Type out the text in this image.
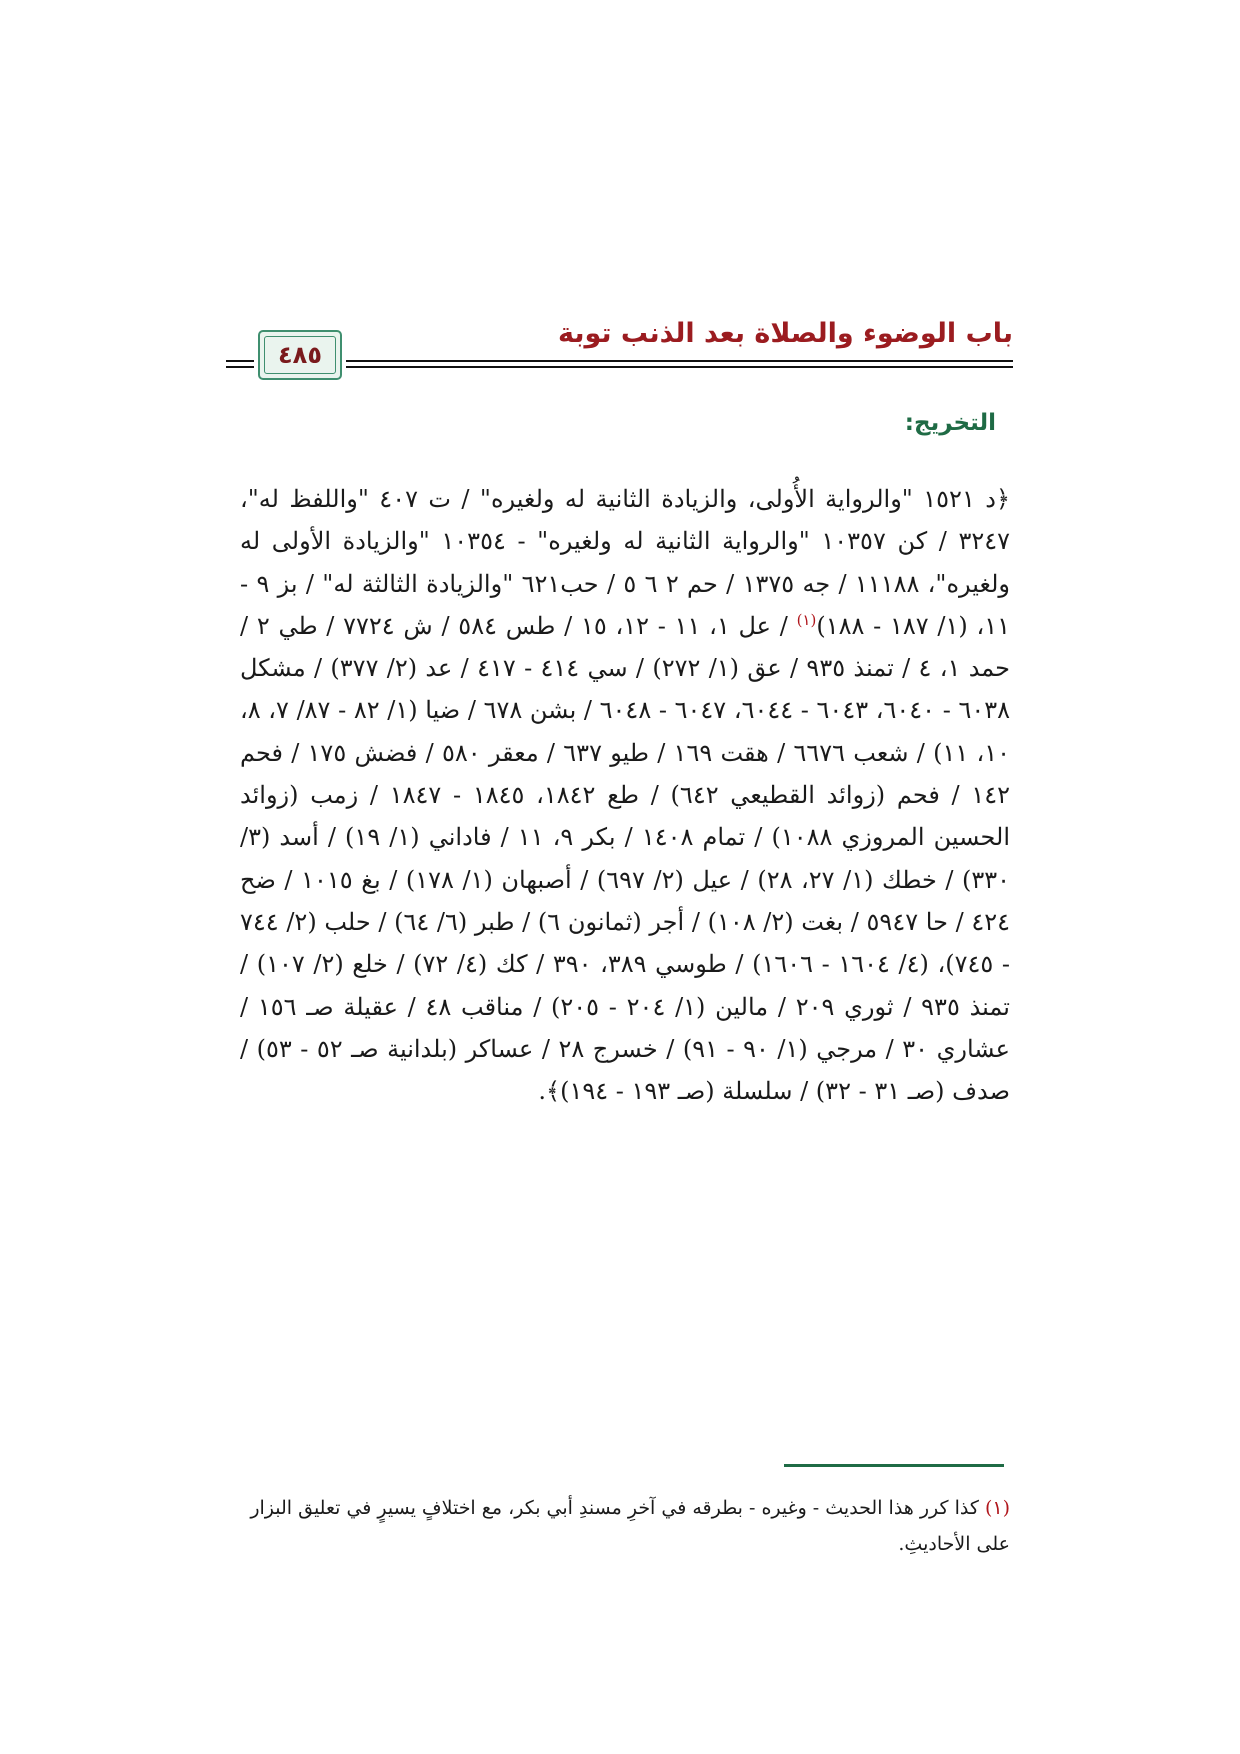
باب الوضوء والصلاة بعد الذنب توبة
٤٨٥
التخريج:

﴿د ١٥٢١ "والرواية الأُولى، والزيادة الثانية له ولغيره" / ت ٤٠٧ "واللفظ له"، ٣٢٤٧ / كن ١٠٣٥٧ "والرواية الثانية له ولغيره" - ١٠٣٥٤ "والزيادة الأولى له ولغيره"، ١١١٨٨ / جه ١٣٧٥ / حم ٢ ٦ ٥ / حب٦٢١ "والزيادة الثالثة له" / بز ٩ - ١١، (١/ ١٨٧ - ١٨٨)$^{(١)}$ / عل ١، ١١ - ١٢، ١٥ / طس ٥٨٤ / ش ٧٧٢٤ / طي ٢ / حمد ١، ٤ / تمنذ ٩٣٥ / عق (١/ ٢٧٢) / سي ٤١٤ - ٤١٧ / عد (٢/ ٣٧٧) / مشكل ٦٠٣٨ - ٦٠٤٠، ٦٠٤٣ - ٦٠٤٤، ٦٠٤٧ - ٦٠٤٨ / بشن ٦٧٨ / ضيا (١/ ٨٢ - ٨٧/ ٧، ٨، ١٠، ١١) / شعب ٦٦٧٦ / هقت ١٦٩ / طيو ٦٣٧ / معقر ٥٨٠ / فضش ١٧٥ / فحم ١٤٢ / فحم (زوائد القطيعي ٦٤٢) / طع ١٨٤٢، ١٨٤٥ - ١٨٤٧ / زمب (زوائد الحسين المروزي ١٠٨٨) / تمام ١٤٠٨ / بكر ٩، ١١ / فاداني (١/ ١٩) / أسد (٣/ ٣٣٠) / خطك (١/ ٢٧، ٢٨) / عيل (٢/ ٦٩٧) / أصبهان (١/ ١٧٨) / بغ ١٠١٥ / ضح ٤٢٤ / حا ٥٩٤٧ / بغت (٢/ ١٠٨) / أجر (ثمانون ٦) / طبر (٦/ ٦٤) / حلب (٢/ ٧٤٤ - ٧٤٥)، (٤/ ١٦٠٤ - ١٦٠٦) / طوسي ٣٨٩، ٣٩٠ / كك (٤/ ٧٢) / خلع (٢/ ١٠٧) / تمنذ ٩٣٥ / ثوري ٢٠٩ / مالين (١/ ٢٠٤ - ٢٠٥) / مناقب ٤٨ / عقيلة صـ ١٥٦ / عشاري ٣٠ / مرجي (١/ ٩٠ - ٩١) / خسرج ٢٨ / عساكر (بلدانية صـ ٥٢ - ٥٣) / صدف (صـ ٣١ - ٣٢) / سلسلة (صـ ١٩٣ - ١٩٤)﴾.

(١) كذا كرر هذا الحديث - وغيره - بطرقه في آخرِ مسندِ أبي بكر، مع اختلافٍ يسيرٍ في تعليق البزار على الأحاديثِ.
